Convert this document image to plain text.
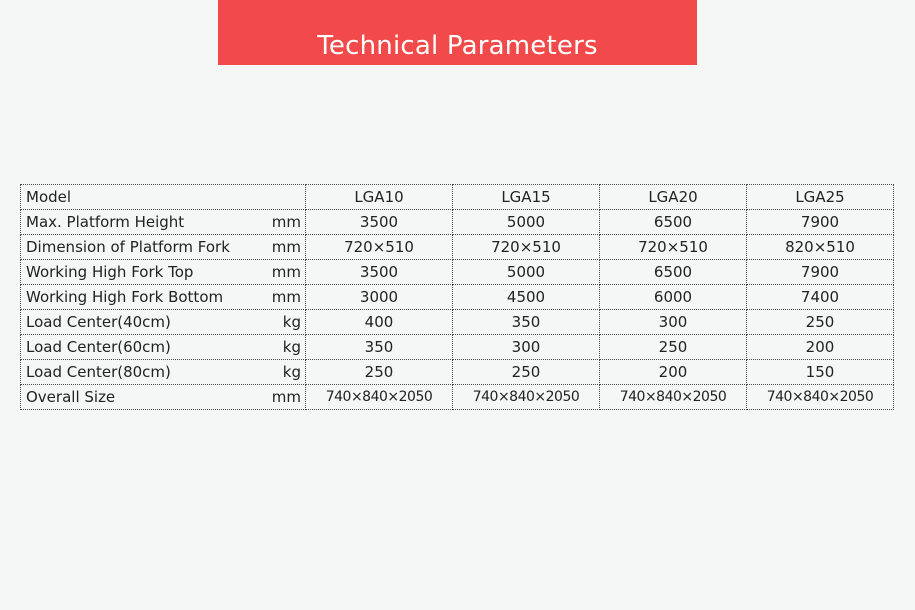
Technical Parameters
Model	LGA10	LGA15	LGA20	LGA25

Max. Platform Height mm	3500	5000	6500	7900

Dimension of Platform Fork mm	720×510	720×510	720×510	820×510

Working High Fork Top mm	3500	5000	6500	7900

Working High Fork Bottom mm	3000	4500	6000	7400

Load Center(40cm) kg	400	350	300	250

Load Center(60cm) kg	350	300	250	200

Load Center(80cm) kg	250	250	200	150

Overall Size mm	740×840×2050	740×840×2050	740×840×2050	740×840×2050
